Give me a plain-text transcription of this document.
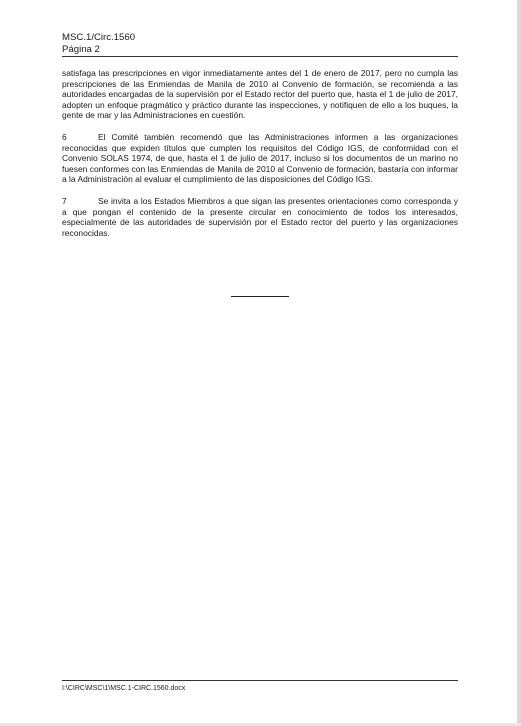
MSC.1/Circ.1560
Página 2

satisfaga las prescripciones en vigor inmediatamente antes del 1 de enero de 2017, pero no cumpla las prescripciones de las Enmiendas de Manila de 2010 al Convenio de formación, se recomienda a las autoridades encargadas de la supervisión por el Estado rector del puerto que, hasta el 1 de julio de 2017, adopten un enfoque pragmático y práctico durante las inspecciones, y notifiquen de ello a los buques, la gente de mar y las Administraciones en cuestión.

6	El Comité también recomendó que las Administraciones informen a las organizaciones reconocidas que expiden títulos que cumplen los requisitos del Código IGS, de conformidad con el Convenio SOLAS 1974, de que, hasta el 1 de julio de 2017, incluso si los documentos de un marino no fuesen conformes con las Enmiendas de Manila de 2010 al Convenio de formación, bastaría con informar a la Administración al evaluar el cumplimiento de las disposiciones del Código IGS.

7	Se invita a los Estados Miembros a que sigan las presentes orientaciones como corresponda y a que pongan el contenido de la presente circular en conocimiento de todos los interesados, especialmente de las autoridades de supervisión por el Estado rector del puerto y las organizaciones reconocidas.

I:\CIRC\MSC\1\MSC.1-CIRC.1560.docx
